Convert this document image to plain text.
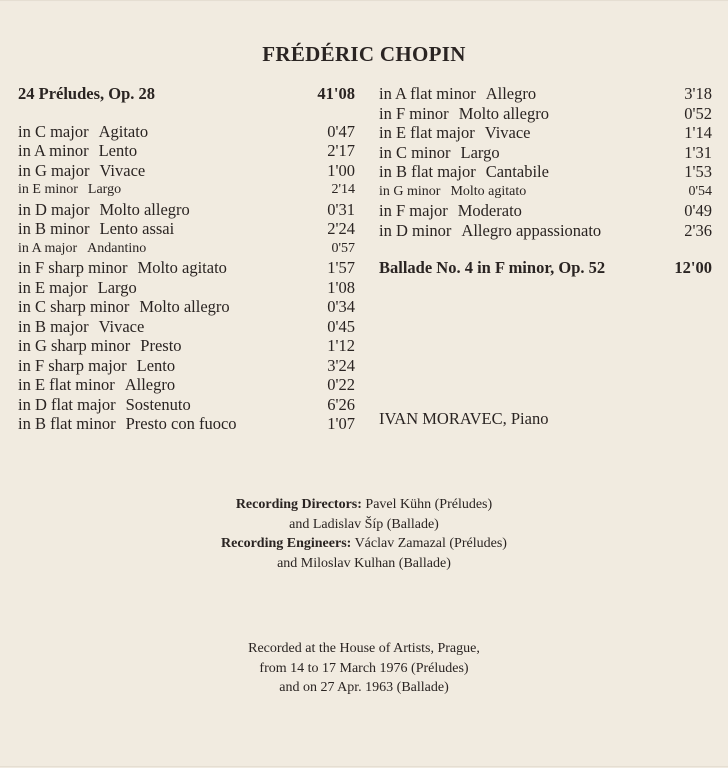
FRÉDÉRIC CHOPIN
24 Préludes, Op. 28	41'08
in C major Agitato	0'47
in A minor Lento	2'17
in G major Vivace	1'00
in E minor Largo	2'14
in D major Molto allegro	0'31
in B minor Lento assai	2'24
in A major Andantino	0'57
in F sharp minor Molto agitato	1'57
in E major Largo	1'08
in C sharp minor Molto allegro	0'34
in B major Vivace	0'45
in G sharp minor Presto	1'12
in F sharp major Lento	3'24
in E flat minor Allegro	0'22
in D flat major Sostenuto	6'26
in B flat minor Presto con fuoco	1'07
in A flat minor Allegro	3'18
in F minor Molto allegro	0'52
in E flat major Vivace	1'14
in C minor Largo	1'31
in B flat major Cantabile	1'53
in G minor Molto agitato	0'54
in F major Moderato	0'49
in D minor Allegro appassionato	2'36
Ballade No. 4 in F minor, Op. 52	12'00
IVAN MORAVEC, Piano
Recording Directors: Pavel Kühn (Préludes)
and Ladislav Šíp (Ballade)
Recording Engineers: Václav Zamazal (Préludes)
and Miloslav Kulhan (Ballade)
Recorded at the House of Artists, Prague,
from 14 to 17 March 1976 (Préludes)
and on 27 Apr. 1963 (Ballade)
